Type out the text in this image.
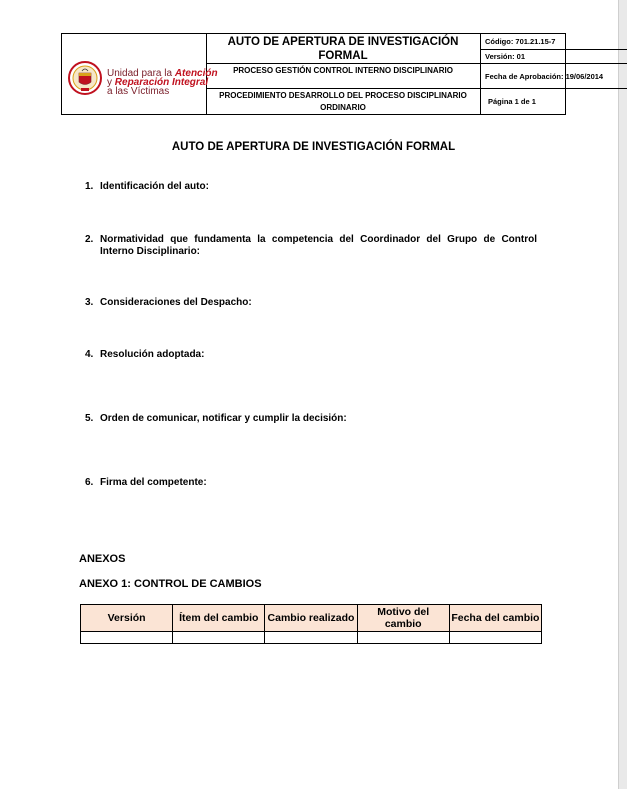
Unidad para la Atención
y Reparación Integral
a las Víctimas
AUTO DE APERTURA DE INVESTIGACIÓN FORMAL
PROCESO GESTIÓN CONTROL INTERNO DISCIPLINARIO
PROCEDIMIENTO DESARROLLO DEL PROCESO DISCIPLINARIO ORDINARIO
Código: 701.21.15-7
Versión: 01
Fecha de Aprobación: 19/06/2014
Página 1 de 1
AUTO DE APERTURA DE INVESTIGACIÓN FORMAL
1. Identificación del auto:
2. Normatividad que fundamenta la competencia del Coordinador del Grupo de Control Interno Disciplinario:
3. Consideraciones del Despacho:
4. Resolución adoptada:
5. Orden de comunicar, notificar y cumplir la decisión:
6. Firma del competente:
ANEXOS
ANEXO 1: CONTROL DE CAMBIOS
Versión	Ítem del cambio	Cambio realizado	Motivo del cambio	Fecha del cambio
